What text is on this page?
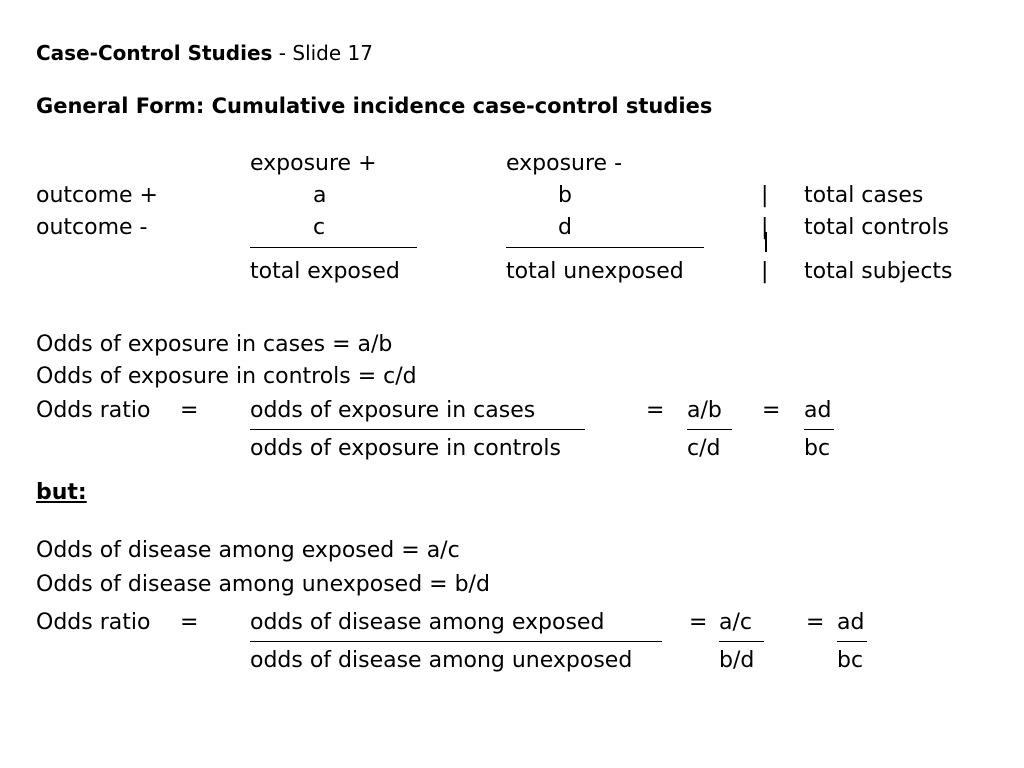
Case-Control Studies - Slide 17
General Form: Cumulative incidence case-control studies
exposure +	exposure -
outcome +	a	b	| total cases
outcome -	c	d	| total controls
total exposed	total unexposed	| total subjects
Odds of exposure in cases = a/b
Odds of exposure in controls = c/d
Odds ratio = odds of exposure in cases	= a/b = ad
odds of exposure in controls	c/d	bc
but:
Odds of disease among exposed = a/c
Odds of disease among unexposed = b/d
Odds ratio = odds of disease among exposed	= a/c = ad
odds of disease among unexposed	b/d	bc
